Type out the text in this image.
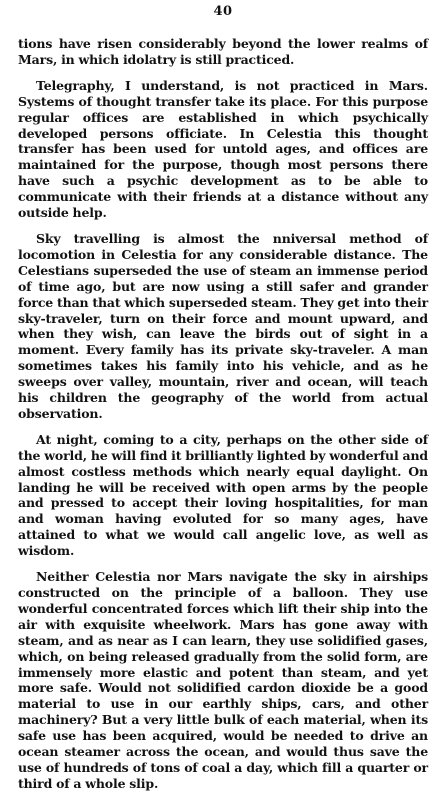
40

tions have risen considerably beyond the lower realms of Mars, in which idolatry is still practiced.

Telegraphy, I understand, is not practiced in Mars. Systems of thought transfer take its place. For this purpose regular offices are established in which psychically developed persons officiate. In Celestia this thought transfer has been used for untold ages, and offices are maintained for the purpose, though most persons there have such a psychic development as to be able to communicate with their friends at a distance without any outside help.

Sky travelling is almost the nniversal method of locomotion in Celestia for any considerable distance. The Celestians superseded the use of steam an immense period of time ago, but are now using a still safer and grander force than that which superseded steam. They get into their sky-traveler, turn on their force and mount upward, and when they wish, can leave the birds out of sight in a moment. Every family has its private sky-traveler. A man sometimes takes his family into his vehicle, and as he sweeps over valley, mountain, river and ocean, will teach his children the geography of the world from actual observation.

At night, coming to a city, perhaps on the other side of the world, he will find it brilliantly lighted by wonderful and almost costless methods which nearly equal daylight. On landing he will be received with open arms by the people and pressed to accept their loving hospitalities, for man and woman having evoluted for so many ages, have attained to what we would call angelic love, as well as wisdom.

Neither Celestia nor Mars navigate the sky in airships constructed on the principle of a balloon. They use wonderful concentrated forces which lift their ship into the air with exquisite wheelwork. Mars has gone away with steam, and as near as I can learn, they use solidified gases, which, on being released gradually from the solid form, are immensely more elastic and potent than steam, and yet more safe. Would not solidified cardon dioxide be a good material to use in our earthly ships, cars, and other machinery? But a very little bulk of each material, when its safe use has been acquired, would be needed to drive an ocean steamer across the ocean, and would thus save the use of hundreds of tons of coal a day, which fill a quarter or third of a whole slip.
